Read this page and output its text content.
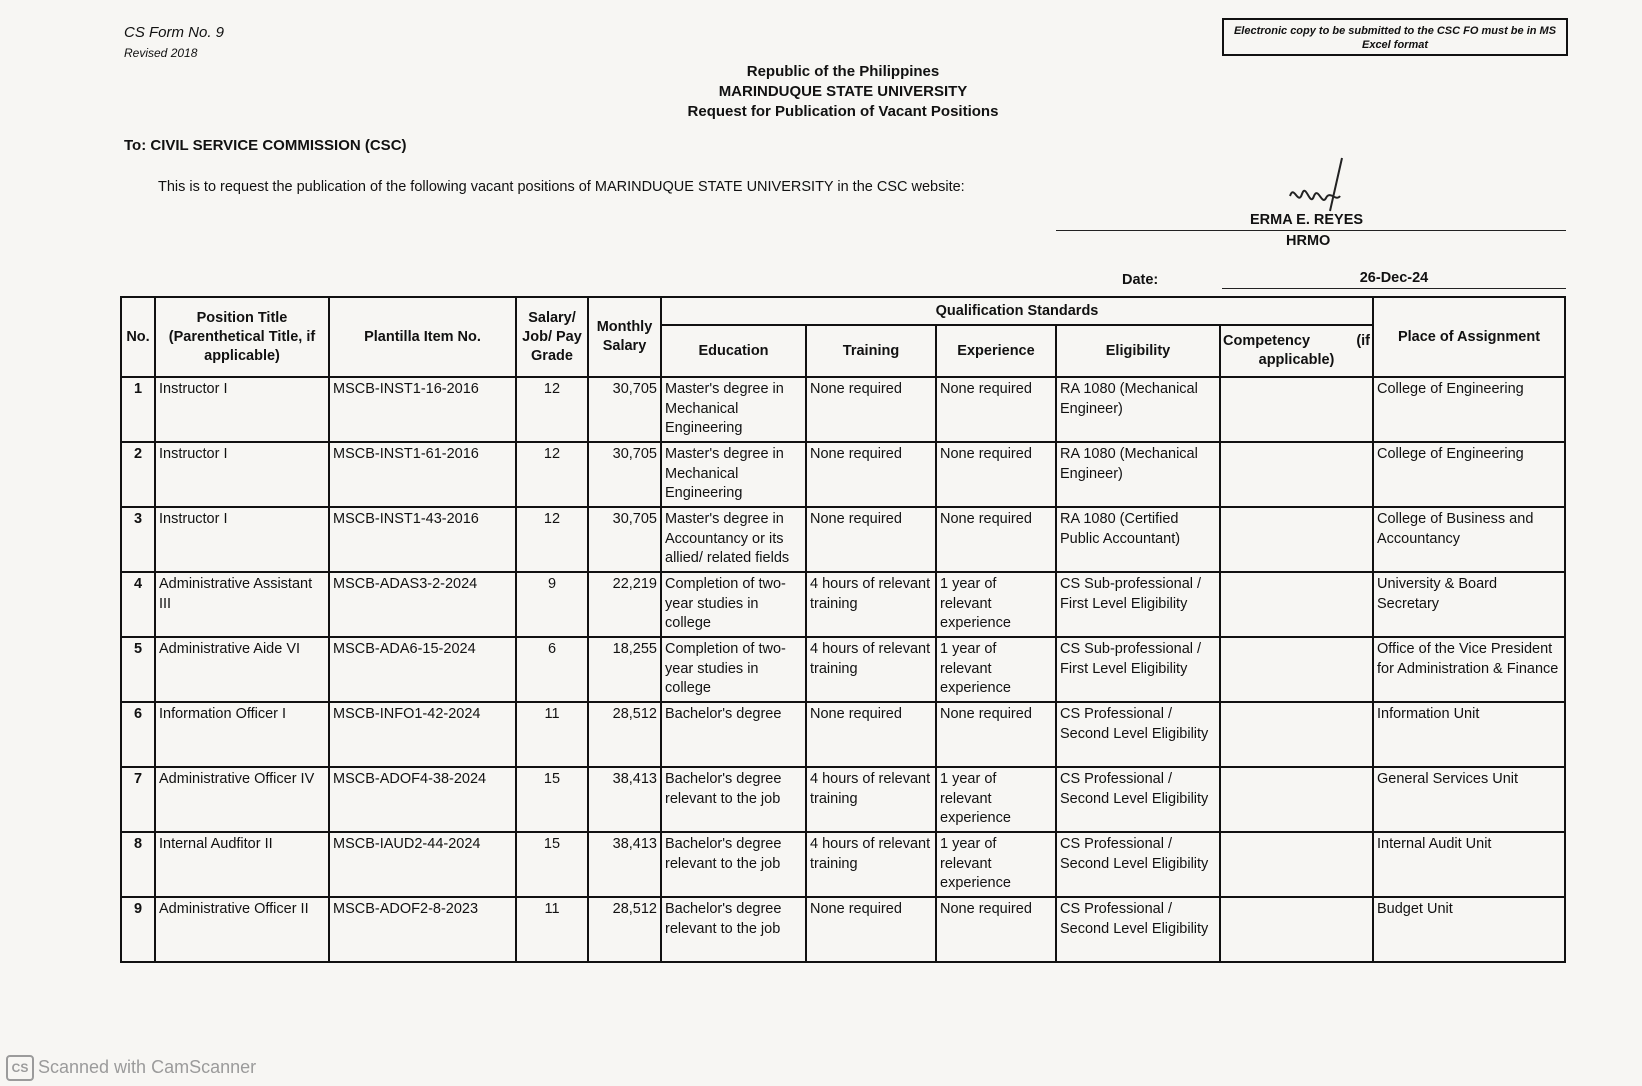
CS Form No. 9
Revised 2018
Electronic copy to be submitted to the CSC FO must be in MS Excel format
Republic of the Philippines
MARINDUQUE STATE UNIVERSITY
Request for Publication of Vacant Positions
To: CIVIL SERVICE COMMISSION (CSC)
This is to request the publication of the following vacant positions of MARINDUQUE STATE UNIVERSITY in the CSC website:
ERMA E. REYES
HRMO
Date:	26-Dec-24
No.	Position Title (Parenthetical Title, if applicable)	Plantilla Item No.	Salary/ Job/ Pay Grade	Monthly Salary	Qualification Standards					Place of Assignment
					Education	Training	Experience	Eligibility	Competency (if
applicable)	
1	Instructor I	MSCB-INST1-16-2016	12	30,705	Master's degree in Mechanical Engineering	None required	None required	RA 1080 (Mechanical Engineer)		College of Engineering
2	Instructor I	MSCB-INST1-61-2016	12	30,705	Master's degree in Mechanical Engineering	None required	None required	RA 1080 (Mechanical Engineer)		College of Engineering
3	Instructor I	MSCB-INST1-43-2016	12	30,705	Master's degree in Accountancy or its allied/ related fields	None required	None required	RA 1080 (Certified Public Accountant)		College of Business and Accountancy
4	Administrative Assistant III	MSCB-ADAS3-2-2024	9	22,219	Completion of two-year studies in college	4 hours of relevant training	1 year of relevant experience	CS Sub-professional / First Level Eligibility		University & Board Secretary
5	Administrative Aide VI	MSCB-ADA6-15-2024	6	18,255	Completion of two-year studies in college	4 hours of relevant training	1 year of relevant experience	CS Sub-professional / First Level Eligibility		Office of the Vice President for Administration & Finance
6	Information Officer I	MSCB-INFO1-42-2024	11	28,512	Bachelor's degree	None required	None required	CS Professional / Second Level Eligibility		Information Unit
7	Administrative Officer IV	MSCB-ADOF4-38-2024	15	38,413	Bachelor's degree relevant to the job	4 hours of relevant training	1 year of relevant experience	CS Professional / Second Level Eligibility		General Services Unit
8	Internal Audfitor II	MSCB-IAUD2-44-2024	15	38,413	Bachelor's degree relevant to the job	4 hours of relevant training	1 year of relevant experience	CS Professional / Second Level Eligibility		Internal Audit Unit
9	Administrative Officer II	MSCB-ADOF2-8-2023	11	28,512	Bachelor's degree relevant to the job	None required	None required	CS Professional / Second Level Eligibility		Budget Unit
CS Scanned with CamScanner
